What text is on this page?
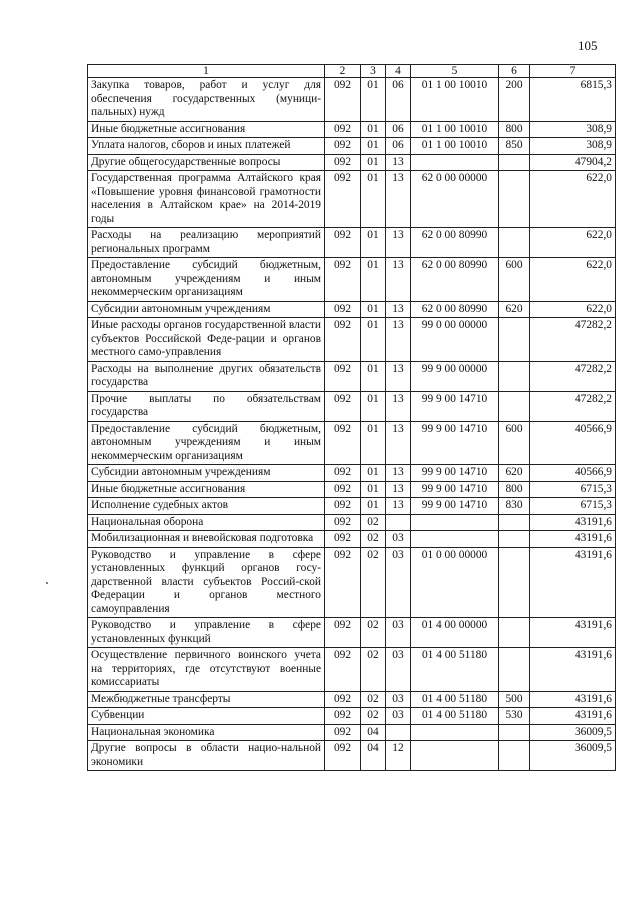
105
1	2	3	4	5	6	7
Закупка товаров, работ и услуг для обеспечения государственных (муници-пальных) нужд	092	01	06	01 1 00 10010	200	6815,3
Иные бюджетные ассигнования	092	01	06	01 1 00 10010	800	308,9
Уплата налогов, сборов и иных платежей	092	01	06	01 1 00 10010	850	308,9
Другие общегосударственные вопросы	092	01	13			47904,2
Государственная программа Алтайского края «Повышение уровня финансовой грамотности населения в Алтайском крае» на 2014-2019 годы	092	01	13	62 0 00 00000		622,0
Расходы на реализацию мероприятий региональных программ	092	01	13	62 0 00 80990		622,0
Предоставление субсидий бюджетным, автономным учреждениям и иным некоммерческим организациям	092	01	13	62 0 00 80990	600	622,0
Субсидии автономным учреждениям	092	01	13	62 0 00 80990	620	622,0
Иные расходы органов государственной власти субъектов Российской Феде-рации и органов местного само-управления	092	01	13	99 0 00 00000		47282,2
Расходы на выполнение других обязательств государства	092	01	13	99 9 00 00000		47282,2
Прочие выплаты по обязательствам государства	092	01	13	99 9 00 14710		47282,2
Предоставление субсидий бюджетным, автономным учреждениям и иным некоммерческим организациям	092	01	13	99 9 00 14710	600	40566,9
Субсидии автономным учреждениям	092	01	13	99 9 00 14710	620	40566,9
Иные бюджетные ассигнования	092	01	13	99 9 00 14710	800	6715,3
Исполнение судебных актов	092	01	13	99 9 00 14710	830	6715,3
Национальная оборона	092	02				43191,6
Мобилизационная и вневойсковая подготовка	092	02	03			43191,6
Руководство и управление в сфере установленных функций органов госу-дарственной власти субъектов Россий-ской Федерации и органов местного самоуправления	092	02	03	01 0 00 00000		43191,6
Руководство и управление в сфере установленных функций	092	02	03	01 4 00 00000		43191,6
Осуществление первичного воинского учета на территориях, где отсутствуют военные комиссариаты	092	02	03	01 4 00 51180		43191,6
Межбюджетные трансферты	092	02	03	01 4 00 51180	500	43191,6
Субвенции	092	02	03	01 4 00 51180	530	43191,6
Национальная экономика	092	04				36009,5
Другие вопросы в области нацио-нальной экономики	092	04	12			36009,5
